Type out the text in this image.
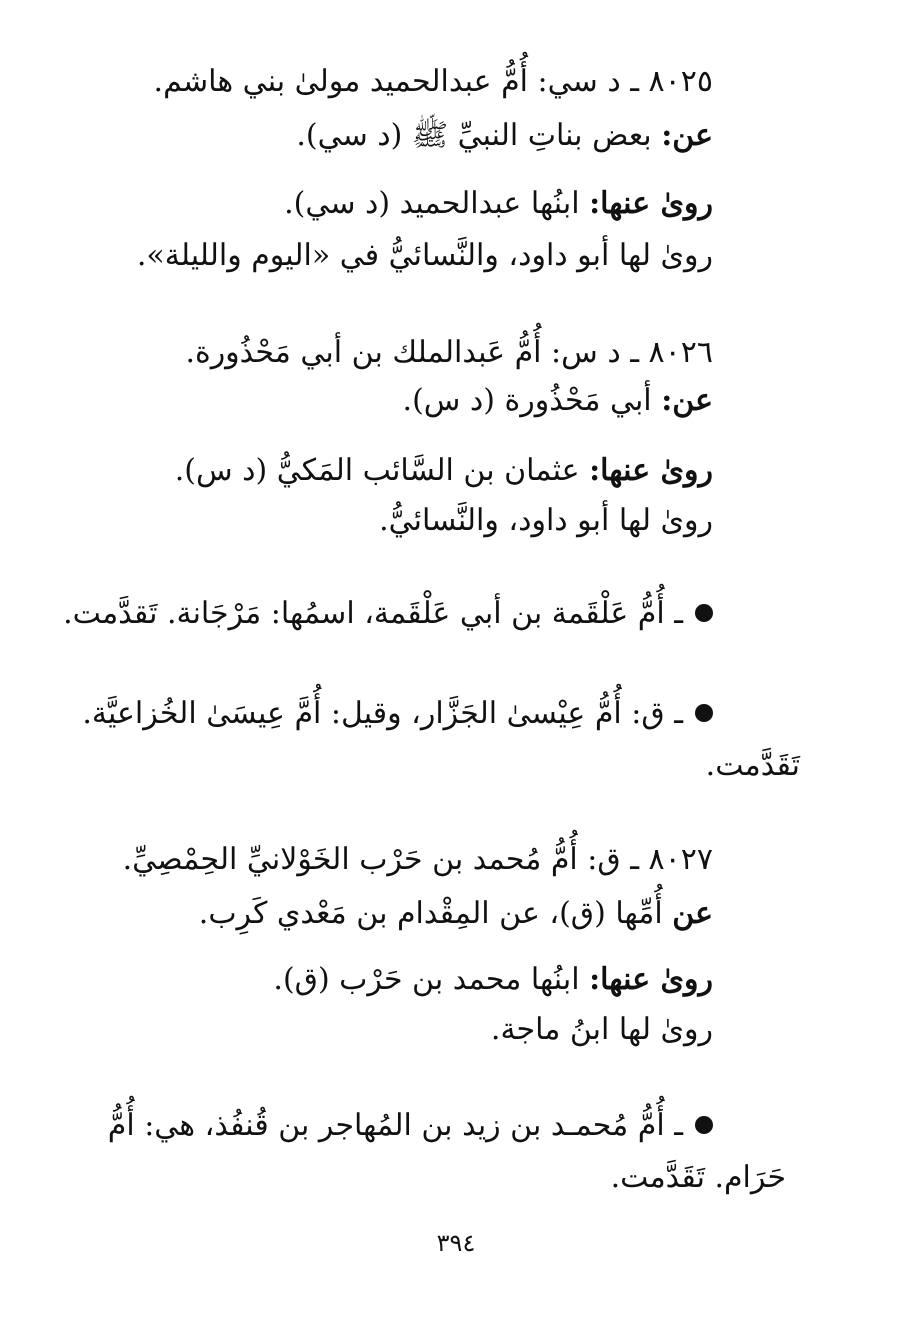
٨٠٢٥ ـ د سي: أُمُّ عبدالحميد مولىٰ بني هاشم.
عن: بعض بناتِ النبيِّ ﷺ (د سي).
روىٰ عنها: ابنُها عبدالحميد (د سي).
روىٰ لها أبو داود، والنَّسائيُّ في «اليوم والليلة».
٨٠٢٦ ـ د س: أُمُّ عَبدالملك بن أبي مَحْذُورة.
عن: أبي مَحْذُورة (د س).
روىٰ عنها: عثمان بن السَّائب المَكيُّ (د س).
روىٰ لها أبو داود، والنَّسائيُّ.
ـ أُمُّ عَلْقَمة بن أبي عَلْقَمة، اسمُها: مَرْجَانة. تَقدَّمت.
ـ ق: أُمُّ عِيْسىٰ الجَزَّار، وقيل: أُمَّ عِيسَىٰ الخُزاعيَّة.
تَقَدَّمت.
٨٠٢٧ ـ ق: أُمُّ مُحمد بن حَرْب الخَوْلانيِّ الحِمْصِيِّ.
عن أُمِّها (ق)، عن المِقْدام بن مَعْدي كَرِب.
روىٰ عنها: ابنُها محمد بن حَرْب (ق).
روىٰ لها ابنُ ماجة.
ـ أُمُّ مُحمـد بن زيد بن المُهاجر بن قُنفُذ، هي: أُمُّ
حَرَام. تَقَدَّمت.
٣٩٤
